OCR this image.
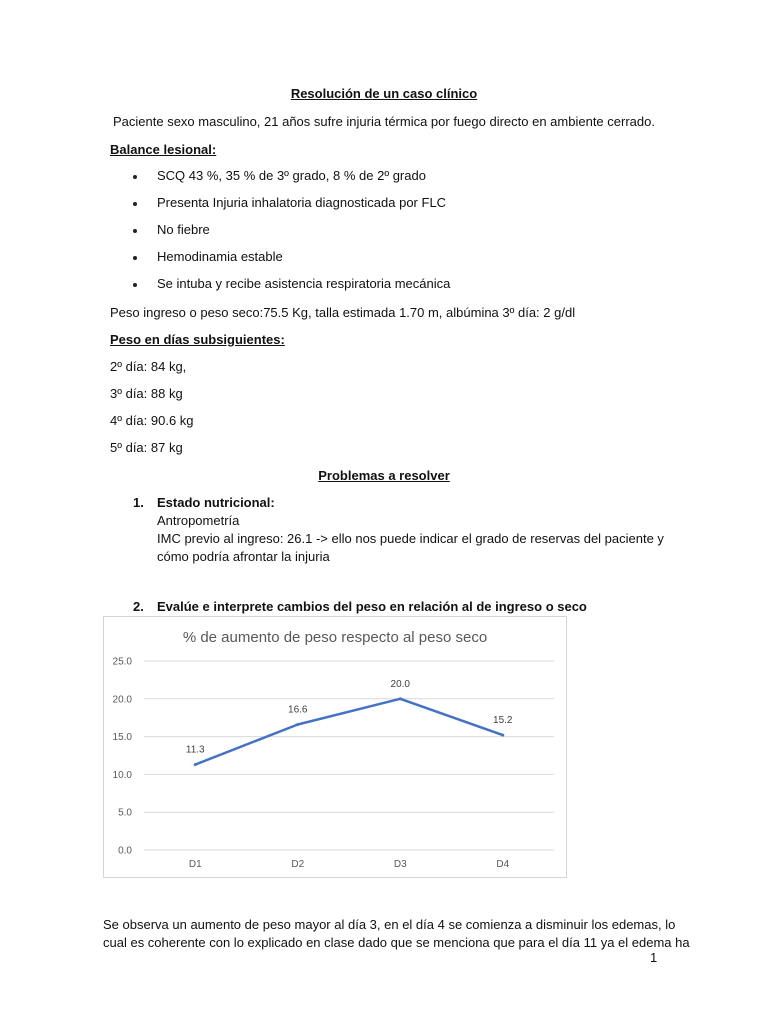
Resolución de un caso clínico
Paciente sexo masculino, 21 años sufre injuria térmica por fuego directo en ambiente cerrado.
Balance lesional:
SCQ 43 %, 35 % de 3º grado, 8 % de 2º grado
Presenta Injuria inhalatoria diagnosticada por FLC
No fiebre
Hemodinamia estable
Se intuba y recibe asistencia respiratoria mecánica
Peso ingreso o peso seco:75.5 Kg, talla estimada 1.70 m, albúmina 3º día: 2 g/dl
Peso en días subsiguientes:
2º día: 84 kg,
3º día: 88 kg
4º día: 90.6 kg
5º día: 87 kg
Problemas a resolver
1. Estado nutricional:
Antropometría
IMC previo al ingreso: 26.1 -> ello nos puede indicar el grado de reservas del paciente y
cómo podría afrontar la injuria
2. Evalúe e interprete cambios del peso en relación al de ingreso o seco
% de aumento de peso respecto al peso seco
0.0
5.0
10.0
15.0
20.0
25.0
D1	D2	D3	D4
11.3
16.6
20.0
15.2
Se observa un aumento de peso mayor al día 3, en el día 4 se comienza a disminuir los edemas, lo
cual es coherente con lo explicado en clase dado que se menciona que para el día 11 ya el edema ha
1
